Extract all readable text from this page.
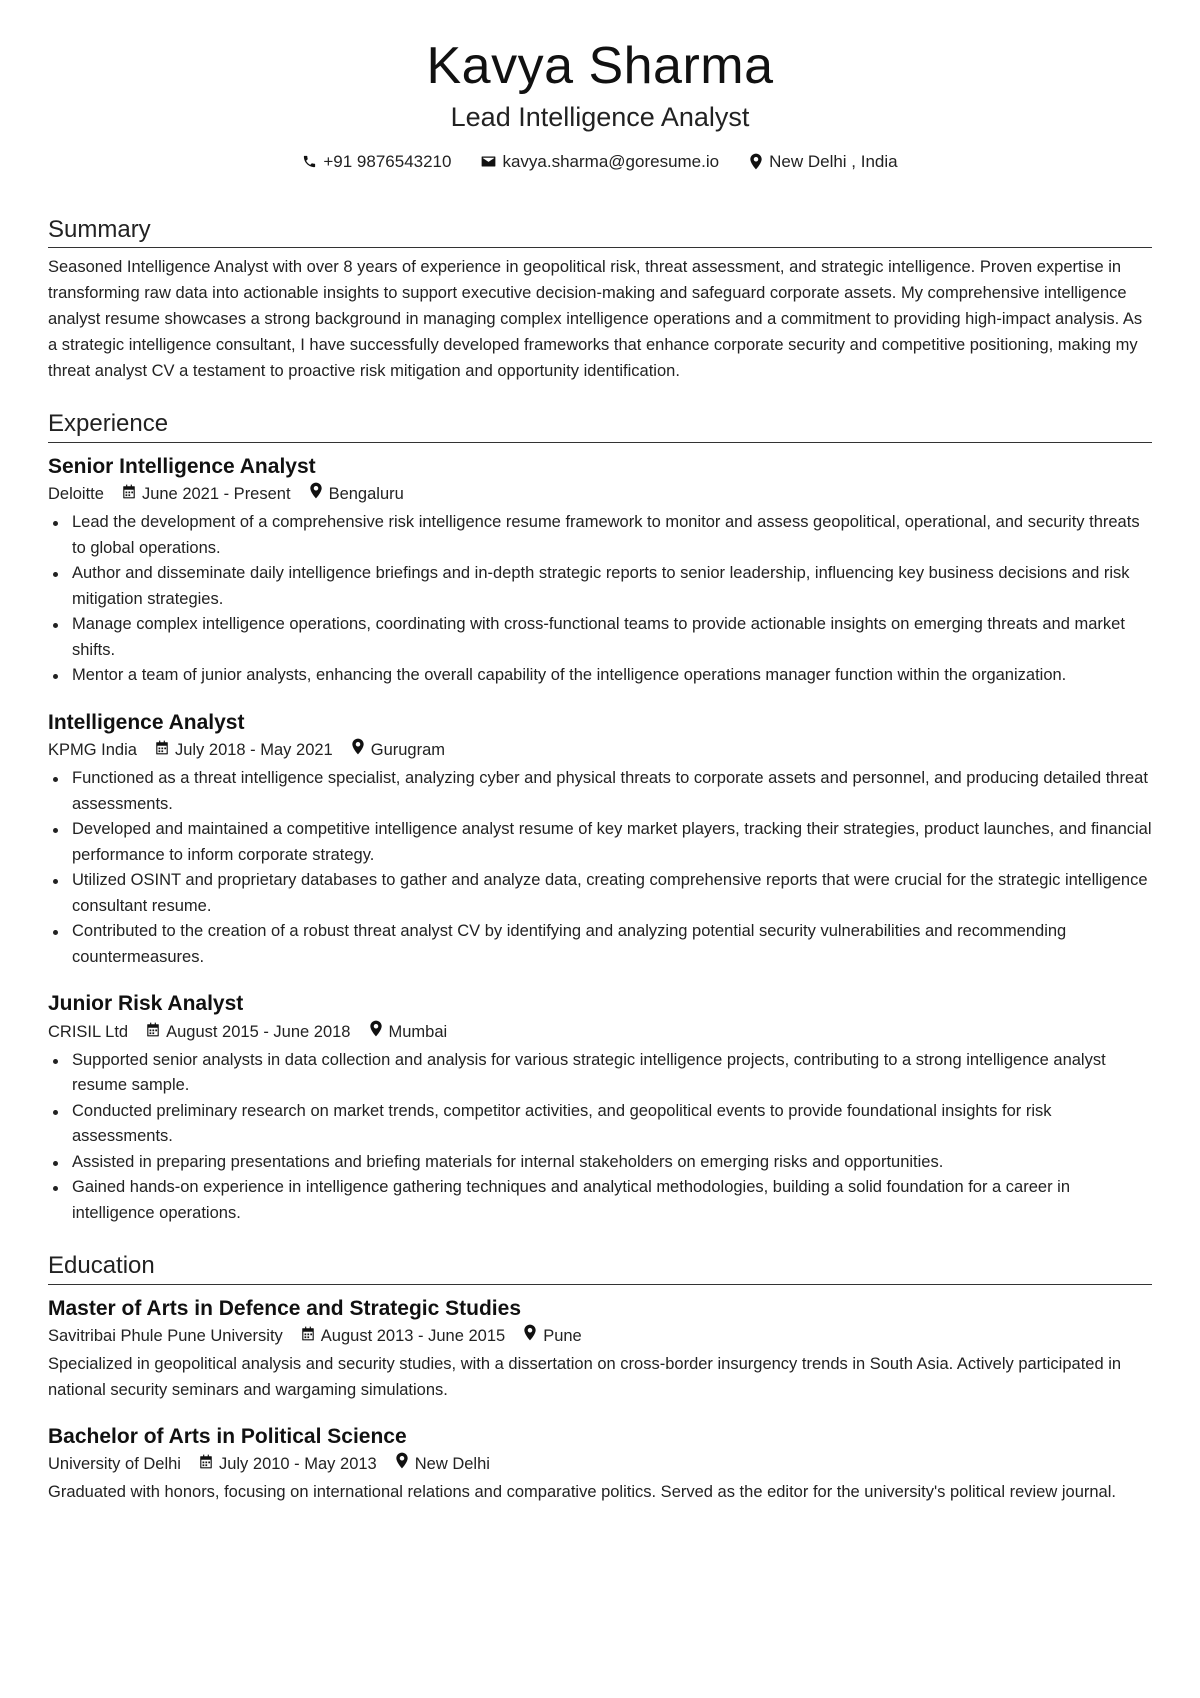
Kavya Sharma
Lead Intelligence Analyst
+91 9876543210	kavya.sharma@goresume.io	New Delhi , India
Summary

Seasoned Intelligence Analyst with over 8 years of experience in geopolitical risk, threat assessment, and strategic intelligence. Proven expertise in transforming raw data into actionable insights to support executive decision-making and safeguard corporate assets. My comprehensive intelligence analyst resume showcases a strong background in managing complex intelligence operations and a commitment to providing high-impact analysis. As a strategic intelligence consultant, I have successfully developed frameworks that enhance corporate security and competitive positioning, making my threat analyst CV a testament to proactive risk mitigation and opportunity identification.

Experience
Senior Intelligence Analyst
Deloitte June 2021 - Present Bengaluru
Lead the development of a comprehensive risk intelligence resume framework to monitor and assess geopolitical, operational, and security threats to global operations.
Author and disseminate daily intelligence briefings and in-depth strategic reports to senior leadership, influencing key business decisions and risk mitigation strategies.
Manage complex intelligence operations, coordinating with cross-functional teams to provide actionable insights on emerging threats and market shifts.
Mentor a team of junior analysts, enhancing the overall capability of the intelligence operations manager function within the organization.
Intelligence Analyst
KPMG India July 2018 - May 2021 Gurugram
Functioned as a threat intelligence specialist, analyzing cyber and physical threats to corporate assets and personnel, and producing detailed threat assessments.
Developed and maintained a competitive intelligence analyst resume of key market players, tracking their strategies, product launches, and financial performance to inform corporate strategy.
Utilized OSINT and proprietary databases to gather and analyze data, creating comprehensive reports that were crucial for the strategic intelligence consultant resume.
Contributed to the creation of a robust threat analyst CV by identifying and analyzing potential security vulnerabilities and recommending countermeasures.
Junior Risk Analyst
CRISIL Ltd August 2015 - June 2018 Mumbai
Supported senior analysts in data collection and analysis for various strategic intelligence projects, contributing to a strong intelligence analyst resume sample.
Conducted preliminary research on market trends, competitor activities, and geopolitical events to provide foundational insights for risk assessments.
Assisted in preparing presentations and briefing materials for internal stakeholders on emerging risks and opportunities.
Gained hands-on experience in intelligence gathering techniques and analytical methodologies, building a solid foundation for a career in intelligence operations.
Education
Master of Arts in Defence and Strategic Studies
Savitribai Phule Pune University August 2013 - June 2015 Pune

Specialized in geopolitical analysis and security studies, with a dissertation on cross-border insurgency trends in South Asia. Actively participated in national security seminars and wargaming simulations.

Bachelor of Arts in Political Science
University of Delhi July 2010 - May 2013 New Delhi

Graduated with honors, focusing on international relations and comparative politics. Served as the editor for the university's political review journal.
